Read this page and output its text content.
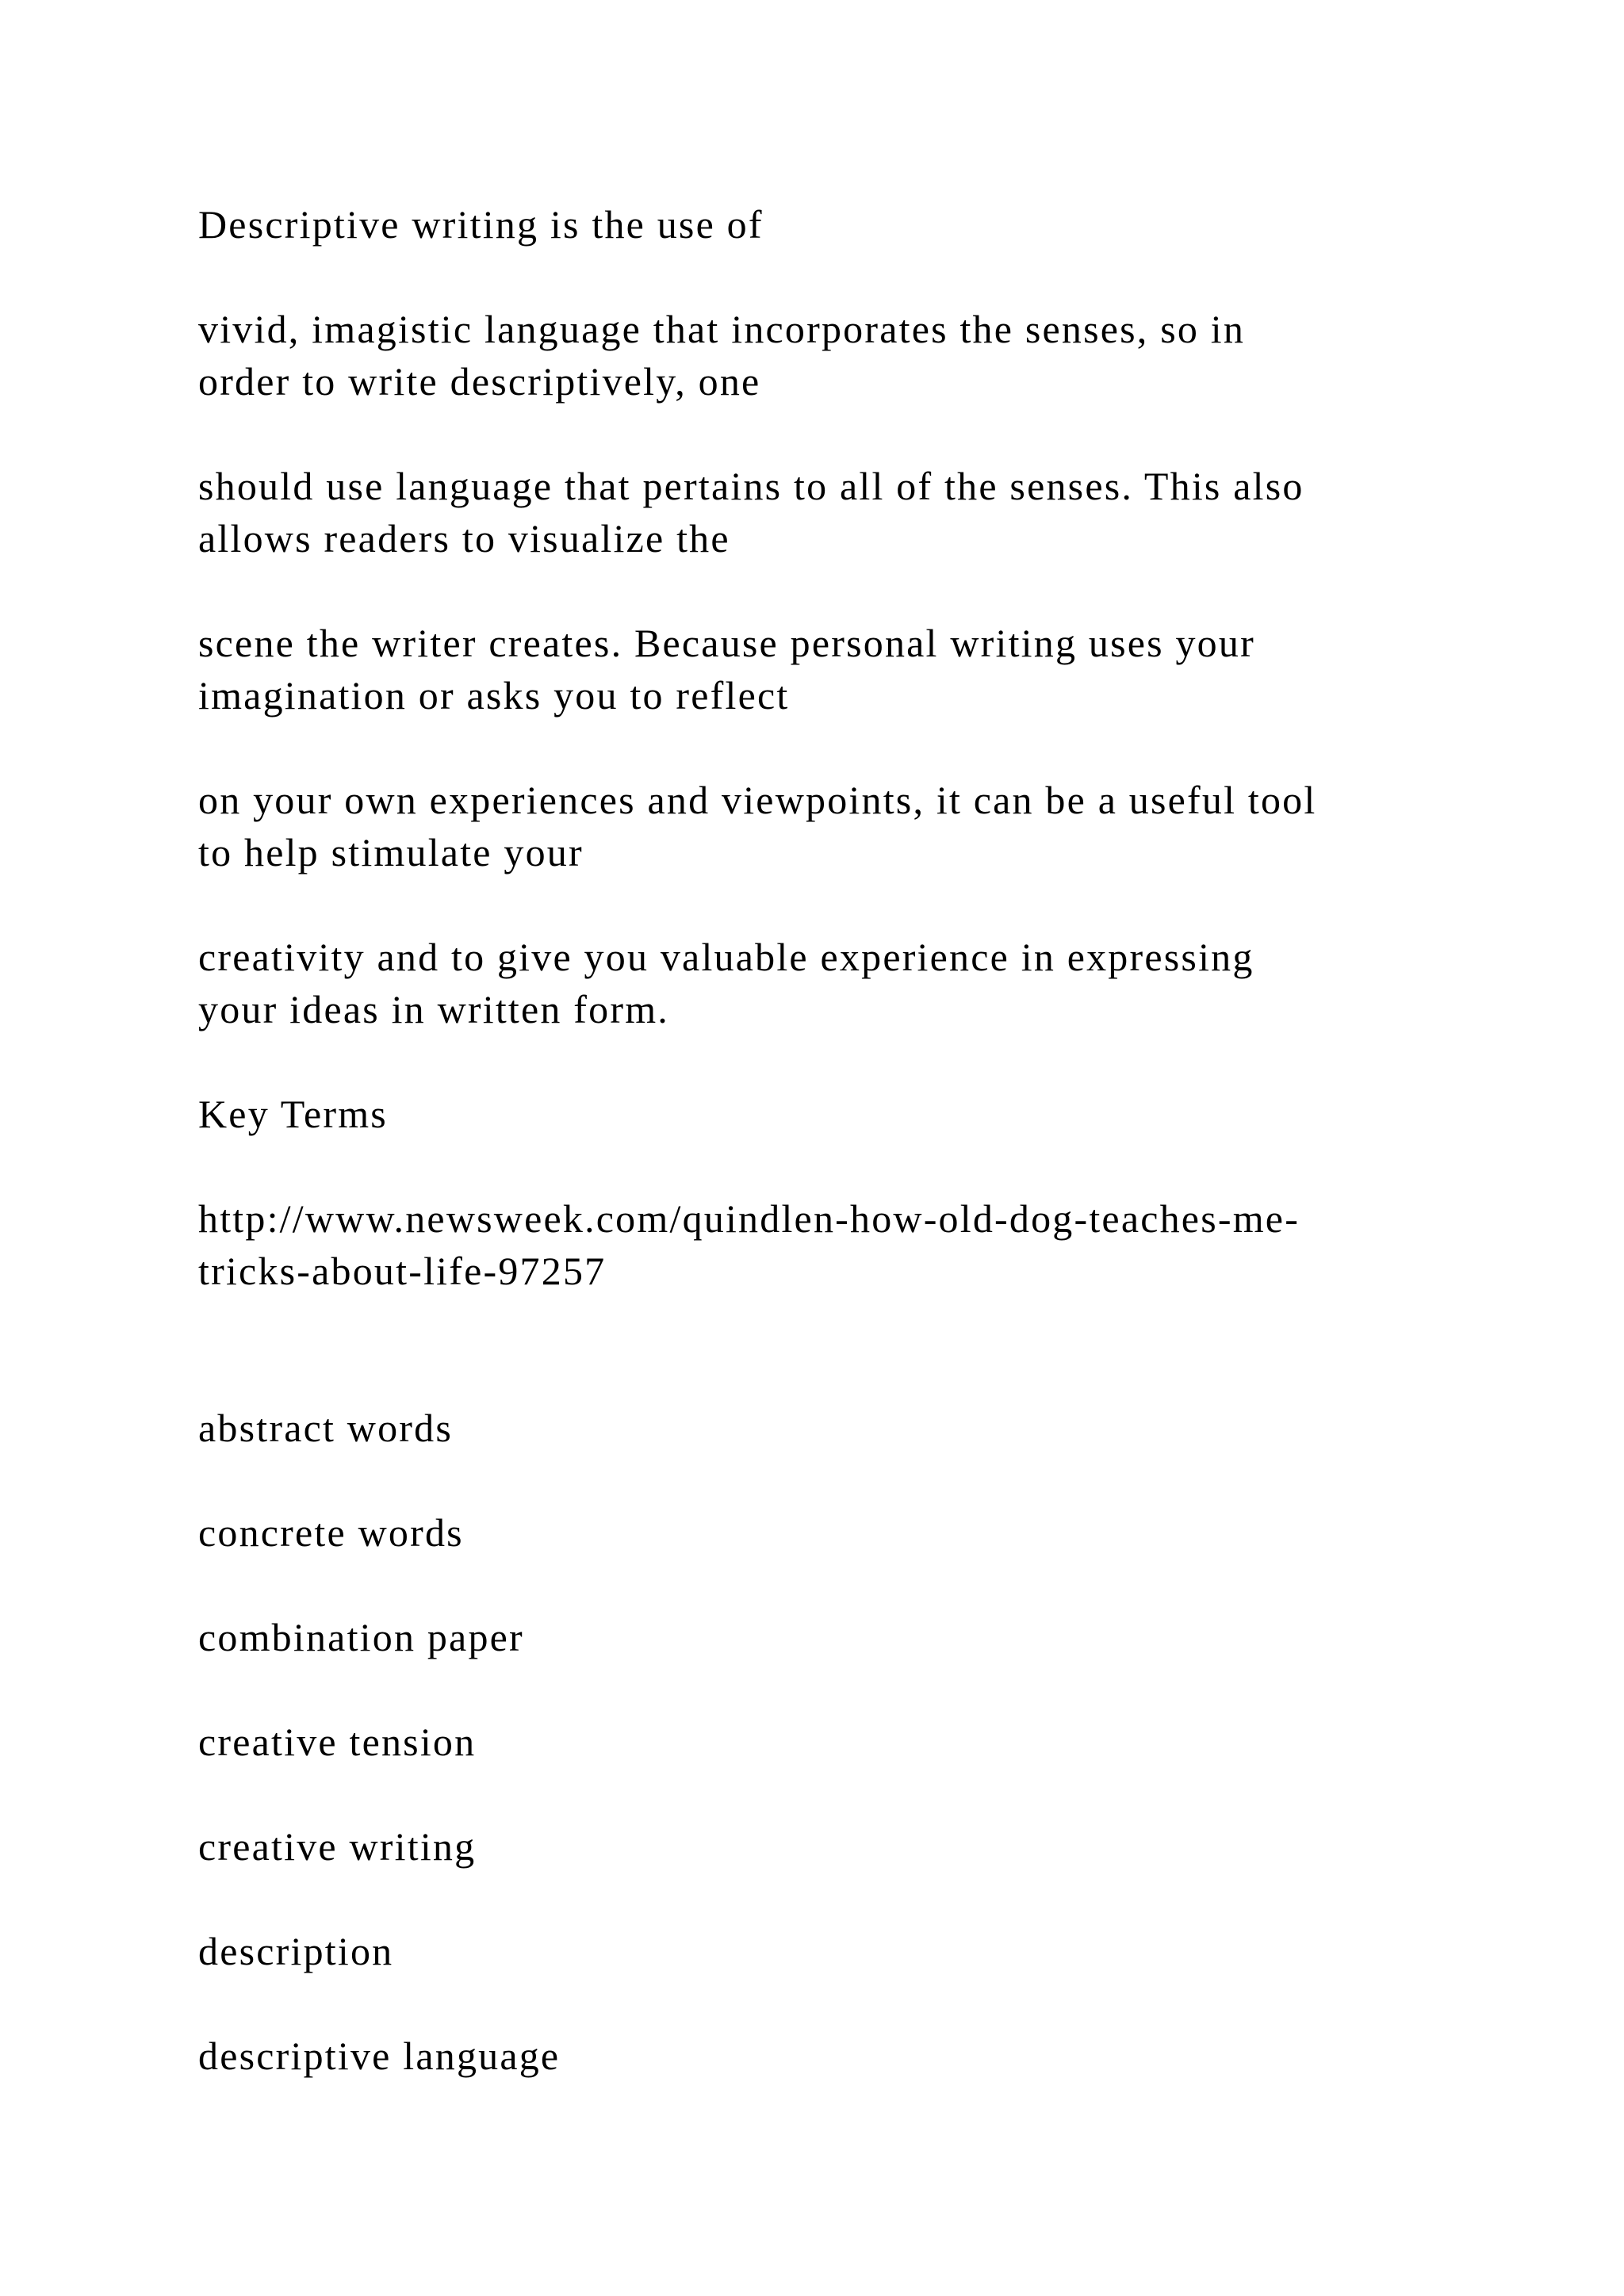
Descriptive writing is the use of

vivid, imagistic language that incorporates the senses, so in
order to write descriptively, one

should use language that pertains to all of the senses. This also
allows readers to visualize the

scene the writer creates. Because personal writing uses your
imagination or asks you to reflect

on your own experiences and viewpoints, it can be a useful tool
to help stimulate your

creativity and to give you valuable experience in expressing
your ideas in written form.

Key Terms

http://www.newsweek.com/quindlen-how-old-dog-teaches-me-
tricks-about-life-97257

abstract words

concrete words

combination paper

creative tension

creative writing

description

descriptive language
